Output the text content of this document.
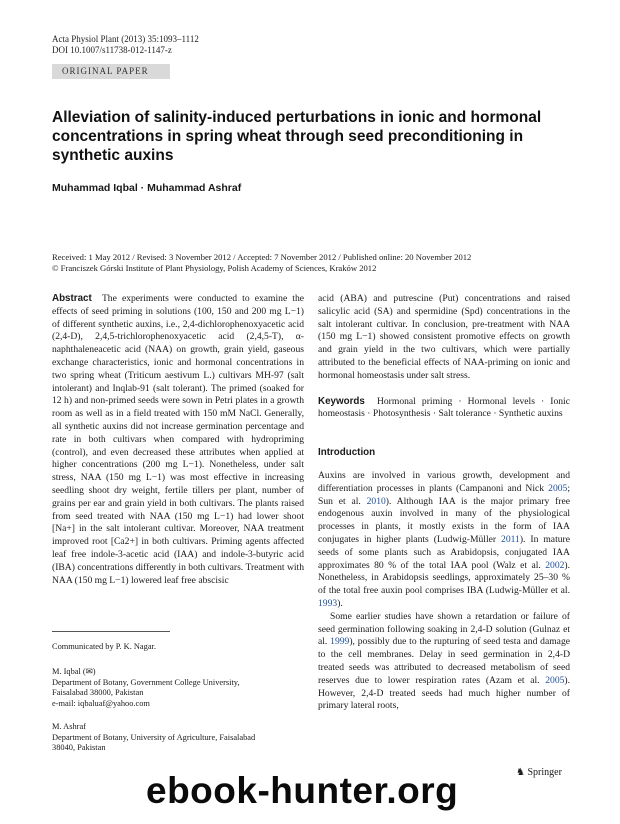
Acta Physiol Plant (2013) 35:1093–1112
DOI 10.1007/s11738-012-1147-z
ORIGINAL PAPER
Alleviation of salinity-induced perturbations in ionic and hormonal concentrations in spring wheat through seed preconditioning in synthetic auxins
Muhammad Iqbal · Muhammad Ashraf
Received: 1 May 2012 / Revised: 3 November 2012 / Accepted: 7 November 2012 / Published online: 20 November 2012
© Franciszek Górski Institute of Plant Physiology, Polish Academy of Sciences, Kraków 2012

Abstract The experiments were conducted to examine the effects of seed priming in solutions (100, 150 and 200 mg L−1) of different synthetic auxins, i.e., 2,4-dichlorophenoxyacetic acid (2,4-D), 2,4,5-trichlorophenoxyacetic acid (2,4,5-T), α-naphthaleneacetic acid (NAA) on growth, grain yield, gaseous exchange characteristics, ionic and hormonal concentrations in two spring wheat (Triticum aestivum L.) cultivars MH-97 (salt intolerant) and Inqlab-91 (salt tolerant). The primed (soaked for 12 h) and non-primed seeds were sown in Petri plates in a growth room as well as in a field treated with 150 mM NaCl. Generally, all synthetic auxins did not increase germination percentage and rate in both cultivars when compared with hydropriming (control), and even decreased these attributes when applied at higher concentrations (200 mg L−1). Nonetheless, under salt stress, NAA (150 mg L−1) was most effective in increasing seedling shoot dry weight, fertile tillers per plant, number of grains per ear and grain yield in both cultivars. The plants raised from seed treated with NAA (150 mg L−1) had lower shoot [Na+] in the salt intolerant cultivar. Moreover, NAA treatment improved root [Ca2+] in both cultivars. Priming agents affected leaf free indole-3-acetic acid (IAA) and indole-3-butyric acid (IBA) concentrations differently in both cultivars. Treatment with NAA (150 mg L−1) lowered leaf free abscisic

Communicated by P. K. Nagar.
M. Iqbal (✉)
Department of Botany, Government College University,
Faisalabad 38000, Pakistan
e-mail: iqbaluaf@yahoo.com
M. Ashraf
Department of Botany, University of Agriculture, Faisalabad
38040, Pakistan

acid (ABA) and putrescine (Put) concentrations and raised salicylic acid (SA) and spermidine (Spd) concentrations in the salt intolerant cultivar. In conclusion, pre-treatment with NAA (150 mg L−1) showed consistent promotive effects on growth and grain yield in the two cultivars, which were partially attributed to the beneficial effects of NAA-priming on ionic and hormonal homeostasis under salt stress.

Keywords Hormonal priming · Hormonal levels · Ionic homeostasis · Photosynthesis · Salt tolerance · Synthetic auxins

Introduction

Auxins are involved in various growth, development and differentiation processes in plants (Campanoni and Nick 2005; Sun et al. 2010). Although IAA is the major primary free endogenous auxin involved in many of the physiological processes in plants, it mostly exists in the form of IAA conjugates in higher plants (Ludwig-Müller 2011). In mature seeds of some plants such as Arabidopsis, conjugated IAA approximates 80 % of the total IAA pool (Walz et al. 2002). Nonetheless, in Arabidopsis seedlings, approximately 25–30 % of the total free auxin pool comprises IBA (Ludwig-Müller et al. 1993).

Some earlier studies have shown a retardation or failure of seed germination following soaking in 2,4-D solution (Gulnaz et al. 1999), possibly due to the rupturing of seed testa and damage to the cell membranes. Delay in seed germination in 2,4-D treated seeds was attributed to decreased metabolism of seed reserves due to lower respiration rates (Azam et al. 2005). However, 2,4-D treated seeds had much higher number of primary lateral roots,

♞ Springer
ebook-hunter.org
